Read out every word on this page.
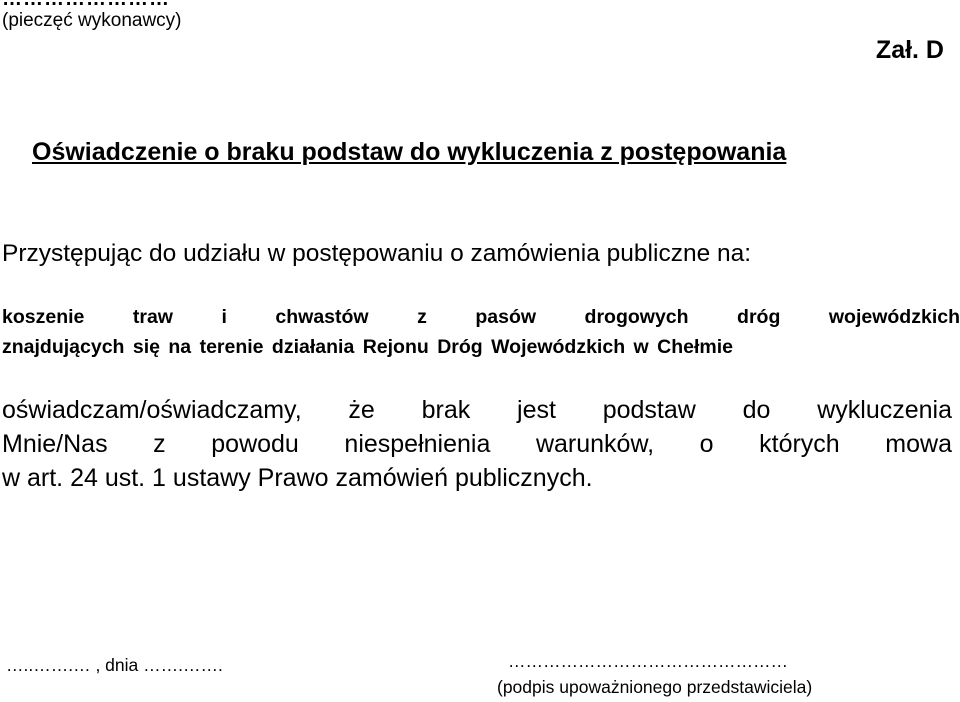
(pieczęć wykonawcy)
Zał. D
Oświadczenie o braku podstaw do wykluczenia z postępowania
Przystępując do udziału w postępowaniu o zamówienia publiczne na:
koszenie traw i chwastów z pasów drogowych dróg wojewódzkich
znajdujących się na terenie działania Rejonu Dróg Wojewódzkich w Chełmie
oświadczam/oświadczamy, że brak jest podstaw do wykluczenia
Mnie/Nas z powodu niespełnienia warunków, o których mowa
w art. 24 ust. 1 ustawy Prawo zamówień publicznych.
…..…….… , dnia …….…….	…………………………………………
(podpis upoważnionego przedstawiciela)
